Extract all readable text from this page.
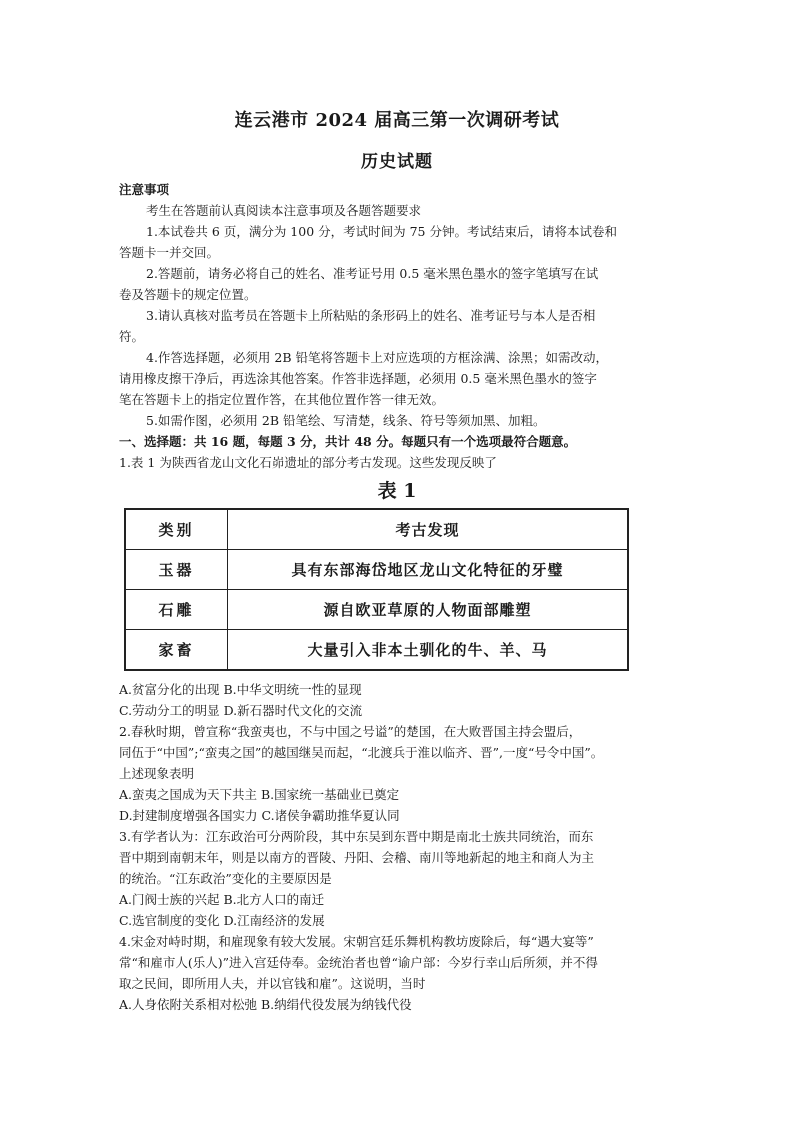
连云港市 2024 届高三第一次调研考试
历史试题
注意事项
考生在答题前认真阅读本注意事项及各题答题要求
1.本试卷共 6 页，满分为 100 分，考试时间为 75 分钟。考试结束后，请将本试卷和
答题卡一并交回。
2.答题前，请务必将自己的姓名、准考证号用 0.5 毫米黑色墨水的签字笔填写在试
卷及答题卡的规定位置。
3.请认真核对监考员在答题卡上所粘贴的条形码上的姓名、准考证号与本人是否相
符。
4.作答选择题，必须用 2B 铅笔将答题卡上对应选项的方框涂满、涂黑；如需改动，
请用橡皮擦干净后，再选涂其他答案。作答非选择题，必须用 0.5 毫米黑色墨水的签字
笔在答题卡上的指定位置作答，在其他位置作答一律无效。
5.如需作图，必须用 2B 铅笔绘、写清楚，线条、符号等须加黑、加粗。
一、选择题：共 16 题，每题 3 分，共计 48 分。每题只有一个选项最符合题意。
1.表 1 为陕西省龙山文化石峁遗址的部分考古发现。这些发现反映了
表 1
类别	考古发现
玉器	具有东部海岱地区龙山文化特征的牙璧
石雕	源自欧亚草原的人物面部雕塑
家畜	大量引入非本土驯化的牛、羊、马
A.贫富分化的出现 B.中华文明统一性的显现
C.劳动分工的明显 D.新石器时代文化的交流
2.春秋时期，曾宣称“我蛮夷也，不与中国之号谥”的楚国，在大败晋国主持会盟后，
同伍于“中国”;“蛮夷之国”的越国继吴而起，“北渡兵于淮以临齐、晋”,一度“号令中国”。
上述现象表明
A.蛮夷之国成为天下共主 B.国家统一基础业已奠定
D.封建制度增强各国实力 C.诸侯争霸助推华夏认同
3.有学者认为：江东政治可分两阶段，其中东吴到东晋中期是南北士族共同统治，而东
晋中期到南朝末年，则是以南方的晋陵、丹阳、会稽、南川等地新起的地主和商人为主
的统治。“江东政治”变化的主要原因是
A.门阀士族的兴起 B.北方人口的南迁
C.选官制度的变化 D.江南经济的发展
4.宋金对峙时期，和雇现象有较大发展。宋朝宫廷乐舞机构教坊废除后，每“遇大宴等”
常“和雇市人(乐人)”进入宫廷侍奉。金统治者也曾“谕户部：今岁行幸山后所须，并不得
取之民间，即所用人夫，并以官钱和雇”。这说明，当时
A.人身依附关系相对松弛 B.纳绢代役发展为纳钱代役
